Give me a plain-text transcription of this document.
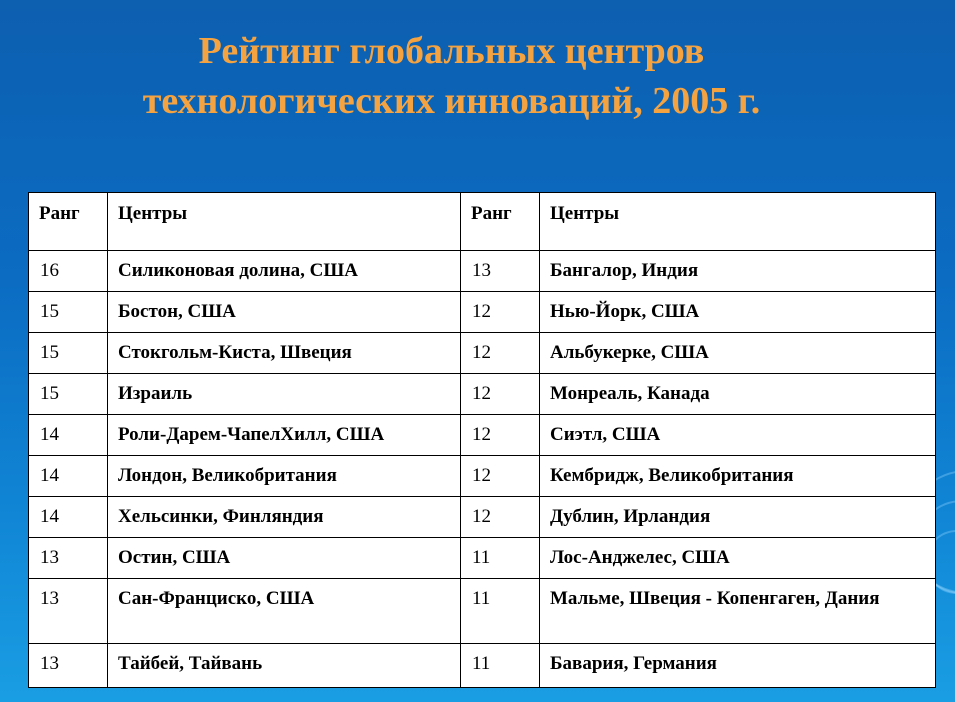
Рейтинг глобальных центров
технологических инноваций, 2005 г.
Ранг	Центры	Ранг	Центры
16	Силиконовая долина, США	13	Бангалор, Индия
15	Бостон, США	12	Нью-Йорк, США
15	Стокгольм-Киста, Швеция	12	Альбукерке, США
15	Израиль	12	Монреаль, Канада
14	Роли-Дарем-ЧапелХилл, США	12	Сиэтл, США
14	Лондон, Великобритания	12	Кембридж, Великобритания
14	Хельсинки, Финляндия	12	Дублин, Ирландия
13	Остин, США	11	Лос-Анджелес, США
13	Сан-Франциско, США	11	Мальме, Швеция - Копенгаген, Дания
13	Тайбей, Тайвань	11	Бавария, Германия
